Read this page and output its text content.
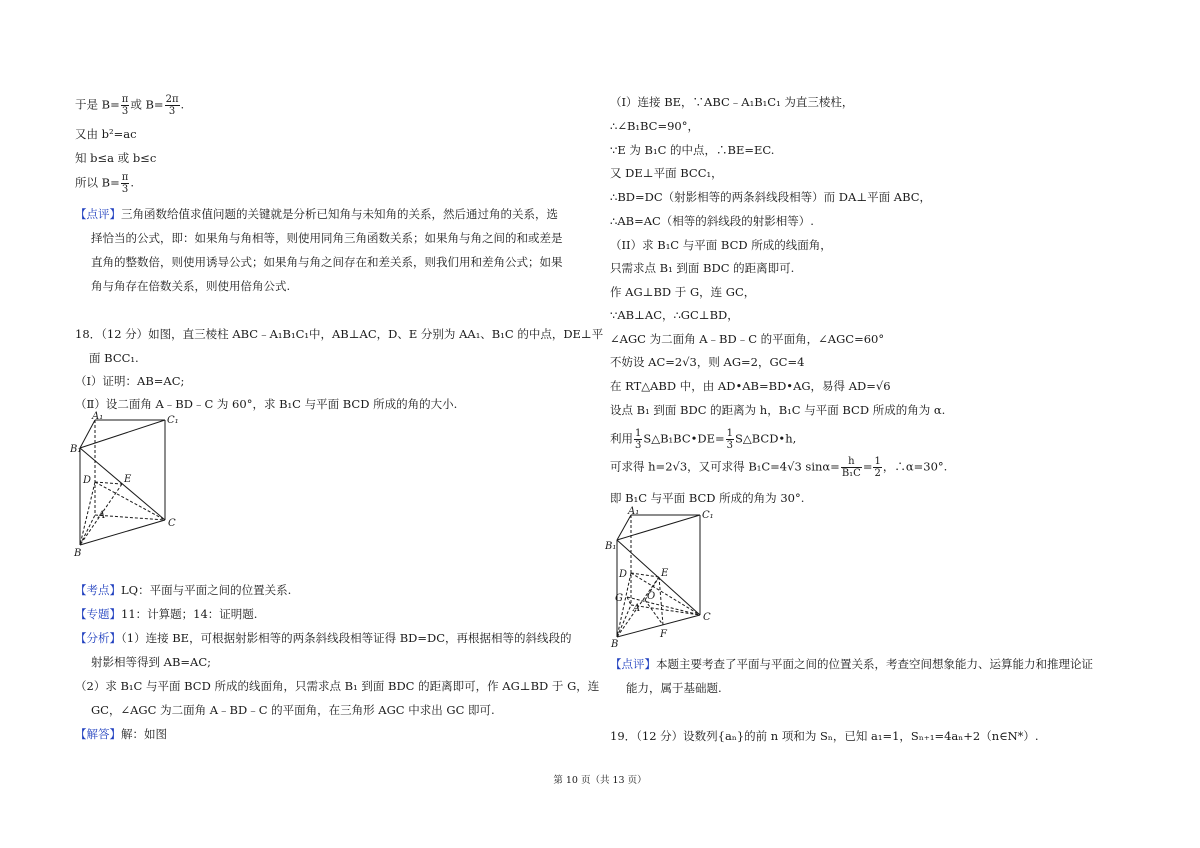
于是 $B= \frac{\pi}{3}$ 或 $B= \frac{2\pi}{3}$ .
又由 b²=ac
知 b≤a 或 b≤c
所以 $B= \frac{\pi}{3}$ .
【点评】三角函数给值求值问题的关键就是分析已知角与未知角的关系，然后通过角的关系，选
择恰当的公式，即：如果角与角相等，则使用同角三角函数关系；如果角与角之间的和或差是
直角的整数倍，则使用诱导公式；如果角与角之间存在和差关系，则我们用和差角公式；如果
角与角存在倍数关系，则使用倍角公式.
18．（12 分）如图，直三棱柱 ABC﹣A₁B₁C₁中，AB⊥AC，D、E 分别为 AA₁、B₁C 的中点，DE⊥平
面 BCC₁.
（Ⅰ）证明：AB=AC;
（Ⅱ）设二面角 A﹣BD﹣C 为 60°，求 B₁C 与平面 BCD 所成的角的大小.
A₁	C₁
B₁
D	E
A
C
B
【考点】LQ：平面与平面之间的位置关系.
【专题】11：计算题；14：证明题.
【分析】（1）连接 BE，可根据射影相等的两条斜线段相等证得 BD=DC，再根据相等的斜线段的
射影相等得到 AB=AC;
（2）求 B₁C 与平面 BCD 所成的线面角，只需求点 B₁ 到面 BDC 的距离即可，作 AG⊥BD 于 G，连
GC，∠AGC 为二面角 A﹣BD﹣C 的平面角，在三角形 AGC 中求出 GC 即可.
【解答】解：如图
（I）连接 BE，∵ABC﹣A₁B₁C₁ 为直三棱柱，
∴∠B₁BC=90°，
∵E 为 B₁C 的中点，∴BE=EC.
又 DE⊥平面 BCC₁，
∴BD=DC（射影相等的两条斜线段相等）而 DA⊥平面 ABC，
∴AB=AC（相等的斜线段的射影相等）.
（II）求 B₁C 与平面 BCD 所成的线面角，
只需求点 B₁ 到面 BDC 的距离即可.
作 AG⊥BD 于 G，连 GC，
∵AB⊥AC，∴GC⊥BD，
∠AGC 为二面角 A﹣BD﹣C 的平面角，∠AGC=60°
不妨设 AC=2√3，则 AG=2，GC=4
在 RT△ABD 中，由 AD•AB=BD•AG，易得 AD=√6
设点 B₁ 到面 BDC 的距离为 h，B₁C 与平面 BCD 所成的角为 α.
利用 $\frac{1}{3}$ S△B₁BC•DE= $\frac{1}{3}$ S△BCD•h,
可求得 h=2√3，又可求得 B₁C=4√3 $\sin\alpha= \frac{h}{\text{B₁C}} = \frac{1}{2}$ ，∴α=30°.
即 B₁C 与平面 BCD 所成的角为 30°.
A₁	C₁
B₁
D	E
G O
A
C
B
F
【点评】本题主要考查了平面与平面之间的位置关系，考查空间想象能力、运算能力和推理论证
能力，属于基础题.
19．（12 分）设数列{aₙ}的前 n 项和为 Sₙ，已知 a₁=1，Sₙ₊₁=4aₙ+2（n∈N*）.
第 10 页（共 13 页）
